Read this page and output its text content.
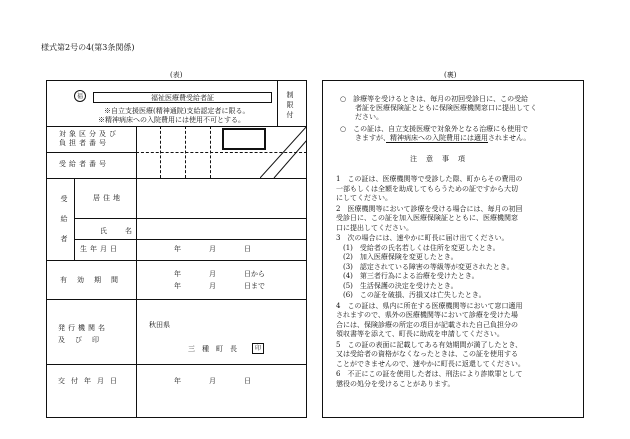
様式第2号の4(第3条関係)
(表)
福	福祉医療費受給者証	制限付
※自立支援医療(精神通院)支給認定者に限る。
※精神病床への入院費用には使用不可とする。
対象区分及び
負担者番号
受給者番号
受給者
居住地
氏名
生年月日	年　　　　月　　　　日
有効期間
年　　　　月　　　　日から
年　　　　月　　　　日まで
発行機関名
及び印
秋田県
三　種　町　長	印
交付年月日	年　　　　月　　　　日
(裏)
○　診療等を受けるときは、毎月の初回受診日に、この受給
者証を医療保険証とともに保険医療機関窓口に提出してく
ださい。
○　この証は、自立支援医療で対象外となる治療にも使用で
きますが、精神病床への入院費用には適用されません。
注　意　事　項
1　この証は、医療機関等で受診した際、町からその費用の
一部もしくは全額を助成してもらうための証ですから大切
にしてください。
2　医療機関等において診療を受ける場合には、毎月の初回
受診日に、この証を加入医療保険証とともに、医療機関窓
口に提出してください。
3　次の場合には、速やかに町長に届け出てください。
(1)　受給者の氏名若しくは住所を変更したとき。
(2)　加入医療保険を変更したとき。
(3)　認定されている障害の等級等が変更されたとき。
(4)　第三者行為による治療を受けたとき。
(5)　生活保護の決定を受けたとき。
(6)　この証を破損、汚損又は亡失したとき。
4　この証は、県内に所在する医療機関等において窓口適用
されますので、県外の医療機関等において診療を受けた場
合には、保険診療の所定の項目が記載された自己負担分の
領収書等を添えて、町長に助成を申請してください。
5　この証の表面に記載してある有効期間が満了したとき、
又は受給者の資格がなくなったときは、この証を使用する
ことができませんので、速やかに町長に返還してください。
6　不正にこの証を使用した者は、刑法により詐欺罪として
懲役の処分を受けることがあります。
